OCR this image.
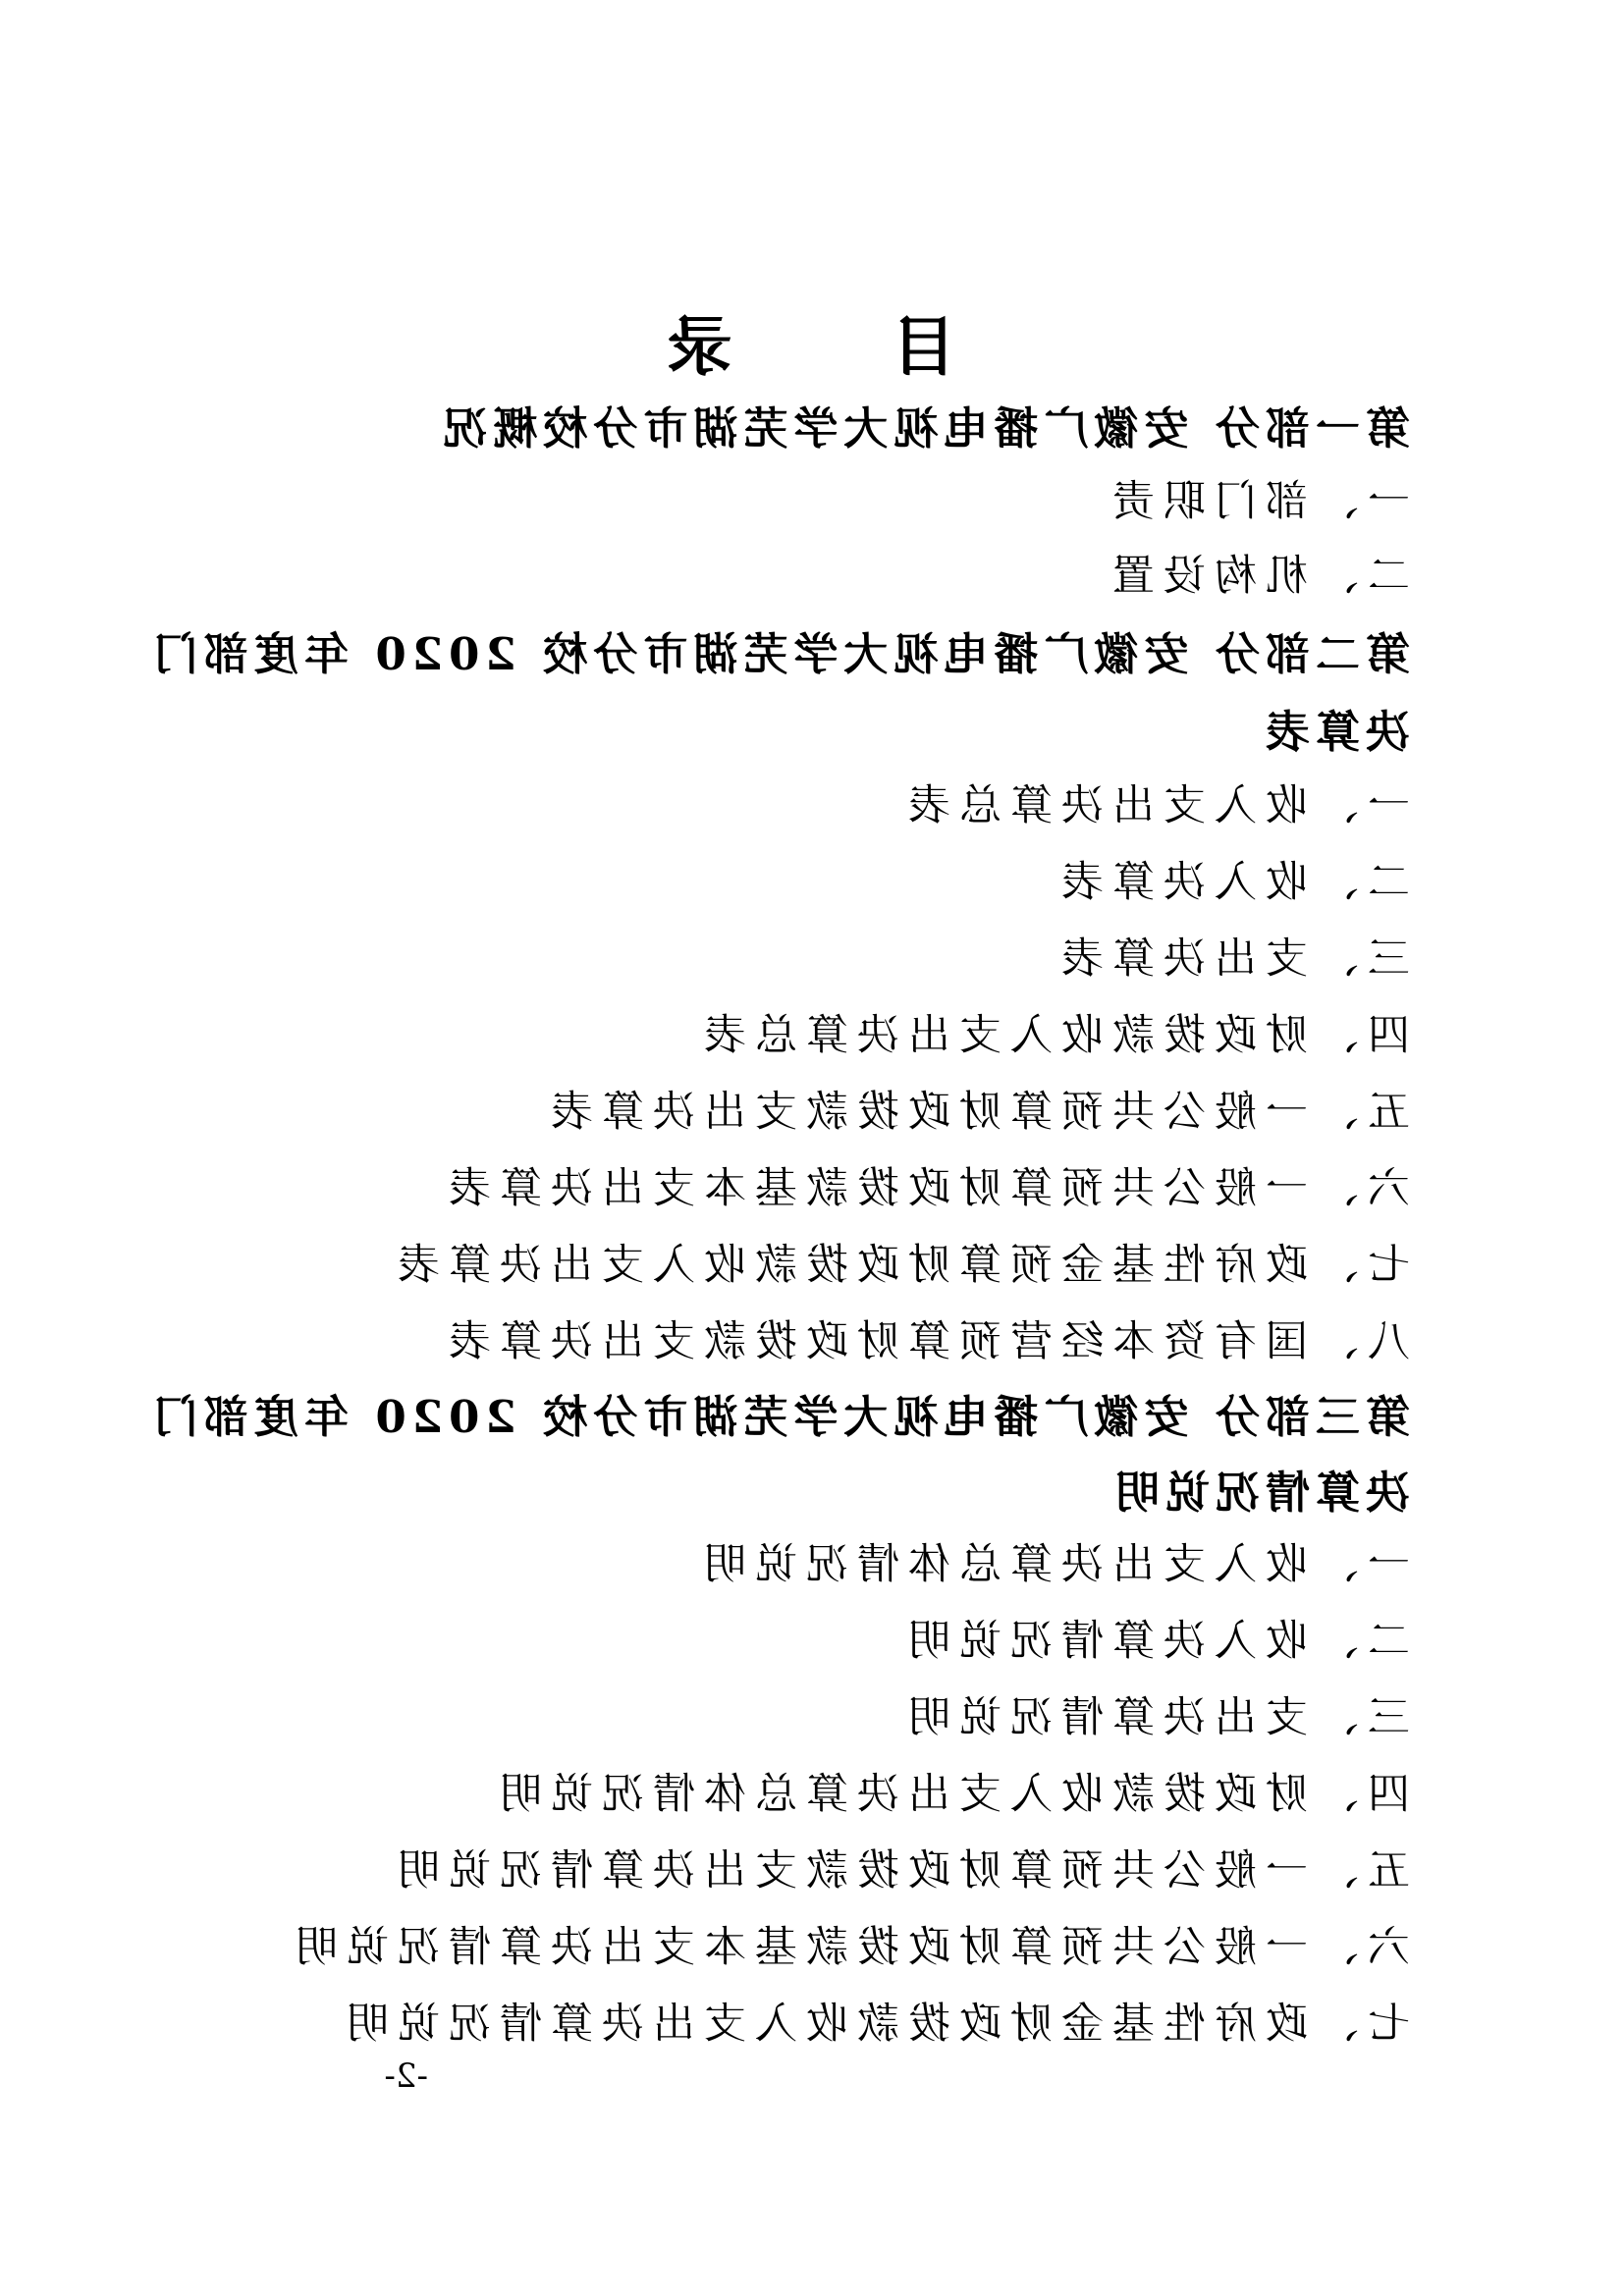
目 录
第一部分 安徽广播电视大学芜湖市分校概况
一、部门职责
二、机构设置
第二部分 安徽广播电视大学芜湖市分校 2020 年度部门
决算表
一、收入支出决算总表
二、收入决算表
三、支出决算表
四、财政拨款收入支出决算总表
五、一般公共预算财政拨款支出决算表
六、一般公共预算财政拨款基本支出决算表
七、政府性基金预算财政拨款收入支出决算表
八、国有资本经营预算财政拨款支出决算表
第三部分 安徽广播电视大学芜湖市分校 2020 年度部门
决算情况说明
一、收入支出决算总体情况说明
二、收入决算情况说明
三、支出决算情况说明
四、财政拨款收入支出决算总体情况说明
五、一般公共预算财政拨款支出决算情况说明
六、一般公共预算财政拨款基本支出决算情况说明
七、政府性基金财政拨款收入支出决算情况说明
-2-
